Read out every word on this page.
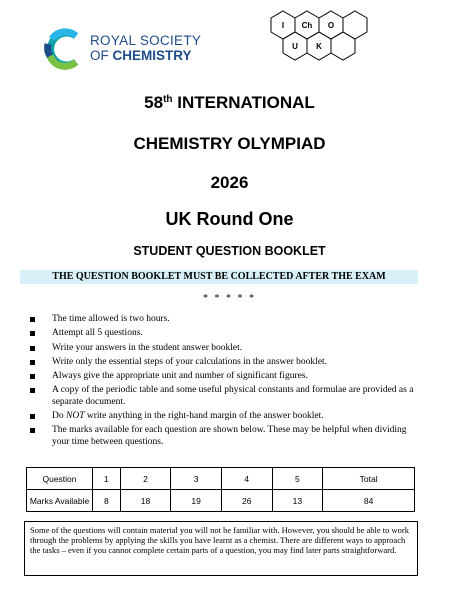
ROYAL SOCIETY
OF CHEMISTRY
I Ch O
U K
58th INTERNATIONAL
CHEMISTRY OLYMPIAD
2026
UK Round One
STUDENT QUESTION BOOKLET
THE QUESTION BOOKLET MUST BE COLLECTED AFTER THE EXAM
* * * * *
The time allowed is two hours.
Attempt all 5 questions.
Write your answers in the student answer booklet.
Write only the essential steps of your calculations in the answer booklet.
Always give the appropriate unit and number of significant figures.
A copy of the periodic table and some useful physical constants and formulae are provided as a separate document.
Do NOT write anything in the right-hand margin of the answer booklet.
The marks available for each question are shown below. These may be helpful when dividing your time between questions.
Question	1	2	3	4	5	Total
Marks Available	8	18	19	26	13	84
Some of the questions will contain material you will not be familiar with. However, you should be able to work through the problems by applying the skills you have learnt as a chemist. There are different ways to approach the tasks – even if you cannot complete certain parts of a question, you may find later parts straightforward.
